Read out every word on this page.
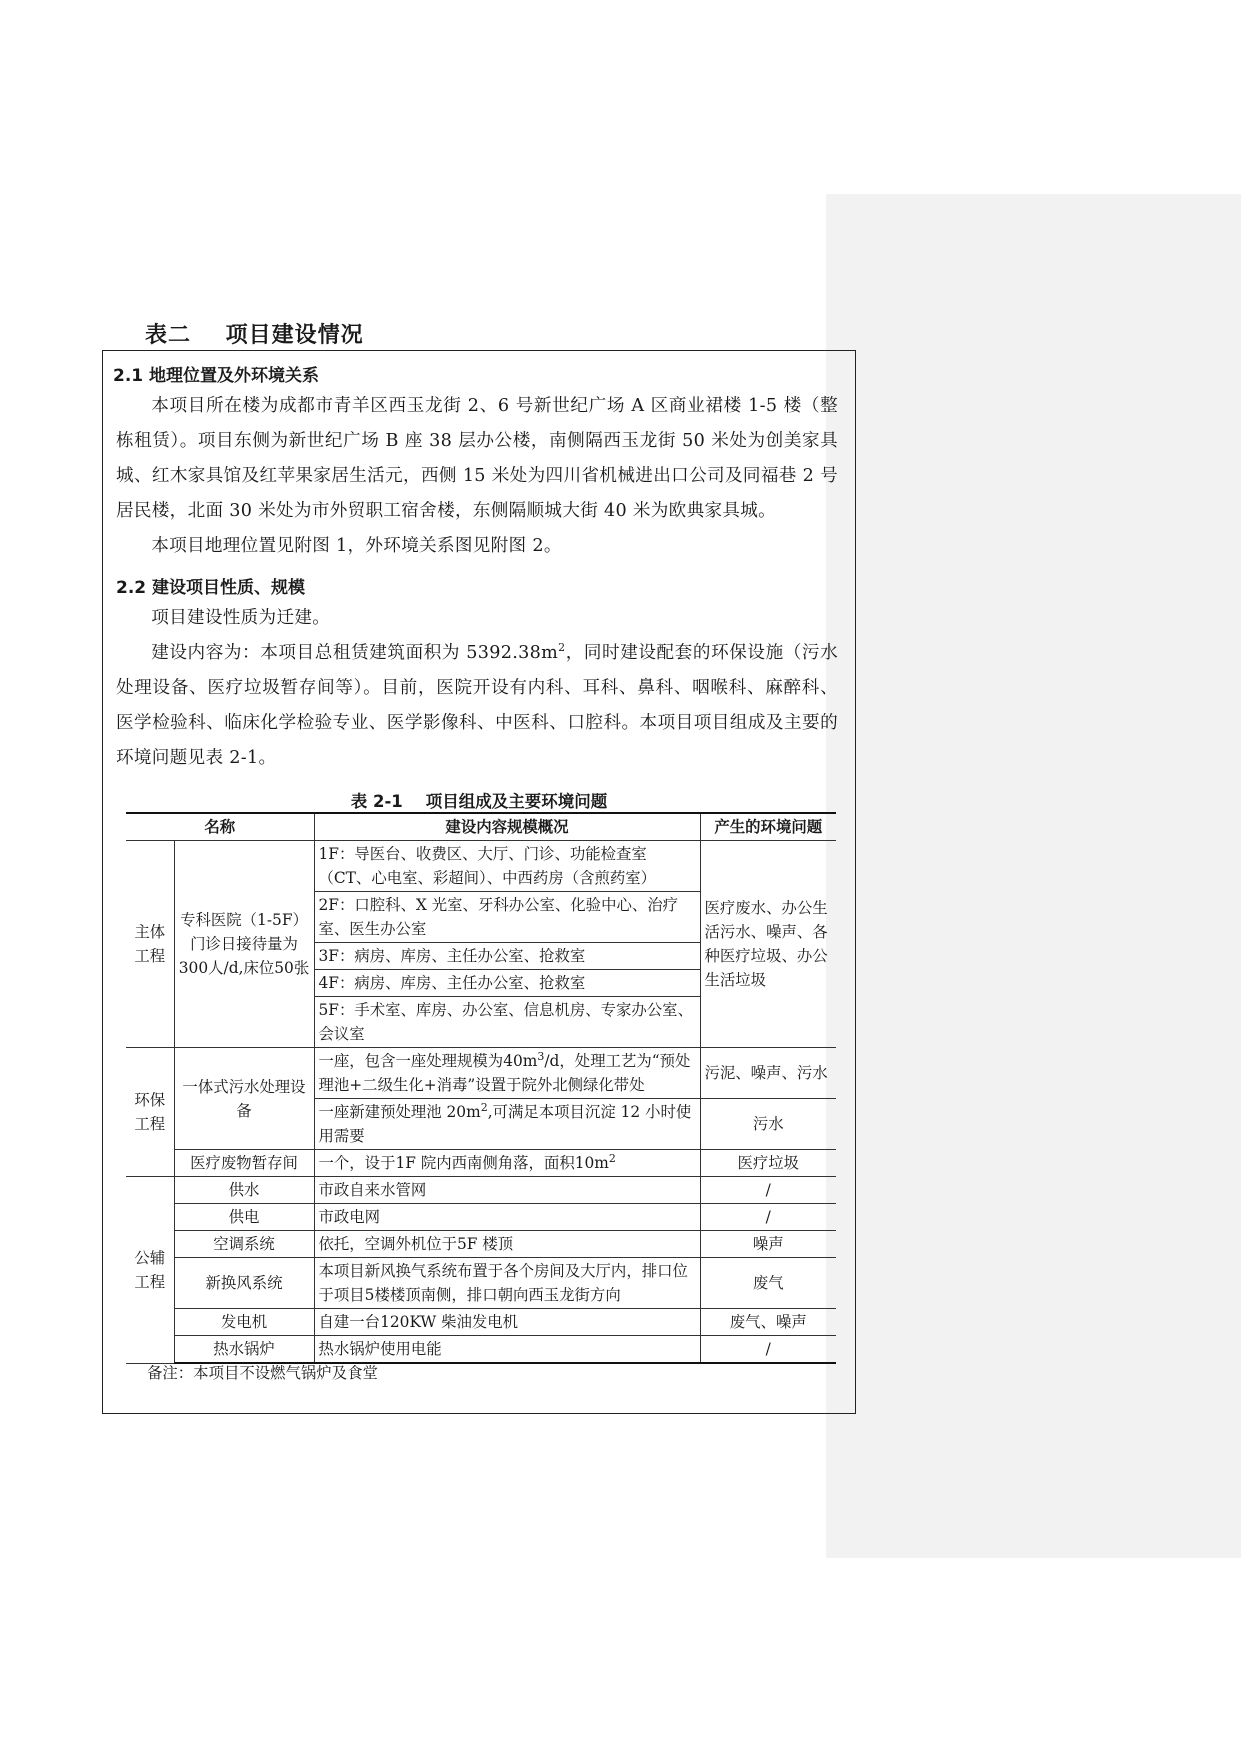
表二    项目建设情况
2.1 地理位置及外环境关系

本项目所在楼为成都市青羊区西玉龙街 2、6 号新世纪广场 A 区商业裙楼 1-5 楼（整栋租赁）。项目东侧为新世纪广场 B 座 38 层办公楼，南侧隔西玉龙街 50 米处为创美家具城、红木家具馆及红苹果家居生活元，西侧 15 米处为四川省机械进出口公司及同福巷 2 号居民楼，北面 30 米处为市外贸职工宿舍楼，东侧隔顺城大街 40 米为欧典家具城。

本项目地理位置见附图 1，外环境关系图见附图 2。

2.2 建设项目性质、规模

项目建设性质为迁建。

建设内容为：本项目总租赁建筑面积为 $5392.38m^2$，同时建设配套的环保设施（污水处理设备、医疗垃圾暂存间等）。目前，医院开设有内科、耳科、鼻科、咽喉科、麻醉科、医学检验科、临床化学检验专业、医学影像科、中医科、口腔科。本项目项目组成及主要的环境问题见表 2-1。

表 2-1    项目组成及主要环境问题
名称		建设内容规模概况	产生的环境问题
主体工程	专科医院（1-5F）门诊日接待量为300人/d,床位50张	1F：导医台、收费区、大厅、门诊、功能检查室（CT、心电室、彩超间）、中西药房（含煎药室）	医疗废水、办公生活污水、噪声、各种医疗垃圾、办公生活垃圾
		2F：口腔科、X 光室、牙科办公室、化验中心、治疗室、医生办公室	
		3F：病房、库房、主任办公室、抢救室	
		4F：病房、库房、主任办公室、抢救室	
		5F：手术室、库房、办公室、信息机房、专家办公室、会议室	
环保工程	一体式污水处理设备	一座，包含一座处理规模为$40m^3/d$，处理工艺为“预处理池+二级生化+消毒”设置于院外北侧绿化带处	污泥、噪声、污水
		一座新建预处理池 $20m^2$,可满足本项目沉淀 12 小时使用需要	污水
	医疗废物暂存间	一个，设于1F 院内西南侧角落，面积$10m^2$	医疗垃圾
公辅工程	供水	市政自来水管网	/
	供电	市政电网	/
	空调系统	依托，空调外机位于5F 楼顶	噪声
	新换风系统	本项目新风换气系统布置于各个房间及大厅内，排口位于项目5楼楼顶南侧，排口朝向西玉龙街方向	废气
	发电机	自建一台120KW 柴油发电机	废气、噪声
	热水锅炉	热水锅炉使用电能	/
备注：本项目不设燃气锅炉及食堂
